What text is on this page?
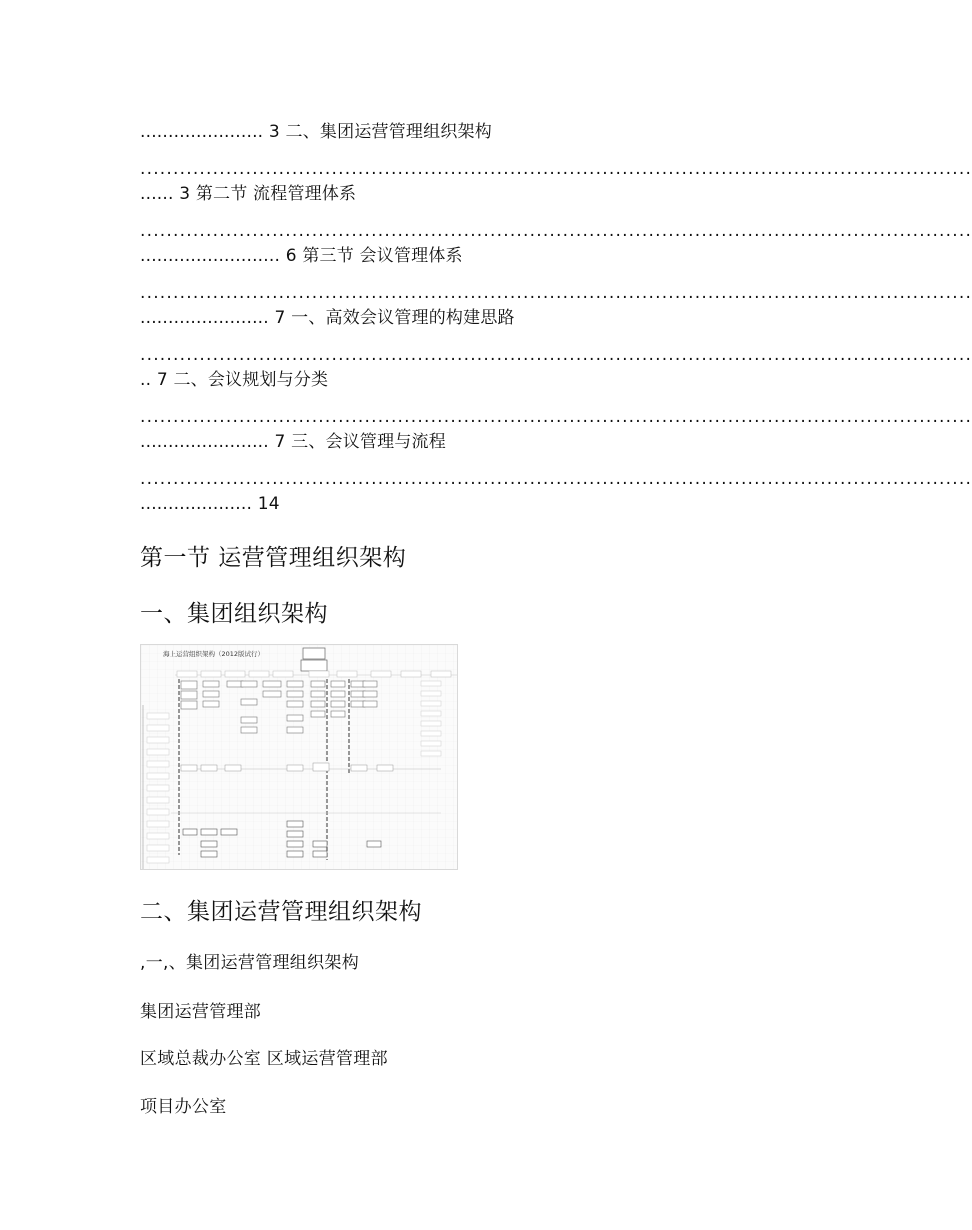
...................... 3 二、集团运营管理组织架构
..............................................................................................................................
...... 3 第二节 流程管理体系
..............................................................................................................................
......................... 6 第三节 会议管理体系
..............................................................................................................................
....................... 7 一、高效会议管理的构建思路
..............................................................................................................................
.. 7 二、会议规划与分类
..............................................................................................................................
....................... 7 三、会议管理与流程
..............................................................................................................................
.................... 14
第一节 运营管理组织架构
一、集团组织架构
海上运营组织架构（2012版试行）
二、集团运营管理组织架构
,一,、集团运营管理组织架构
集团运营管理部
区域总裁办公室 区域运营管理部
项目办公室
